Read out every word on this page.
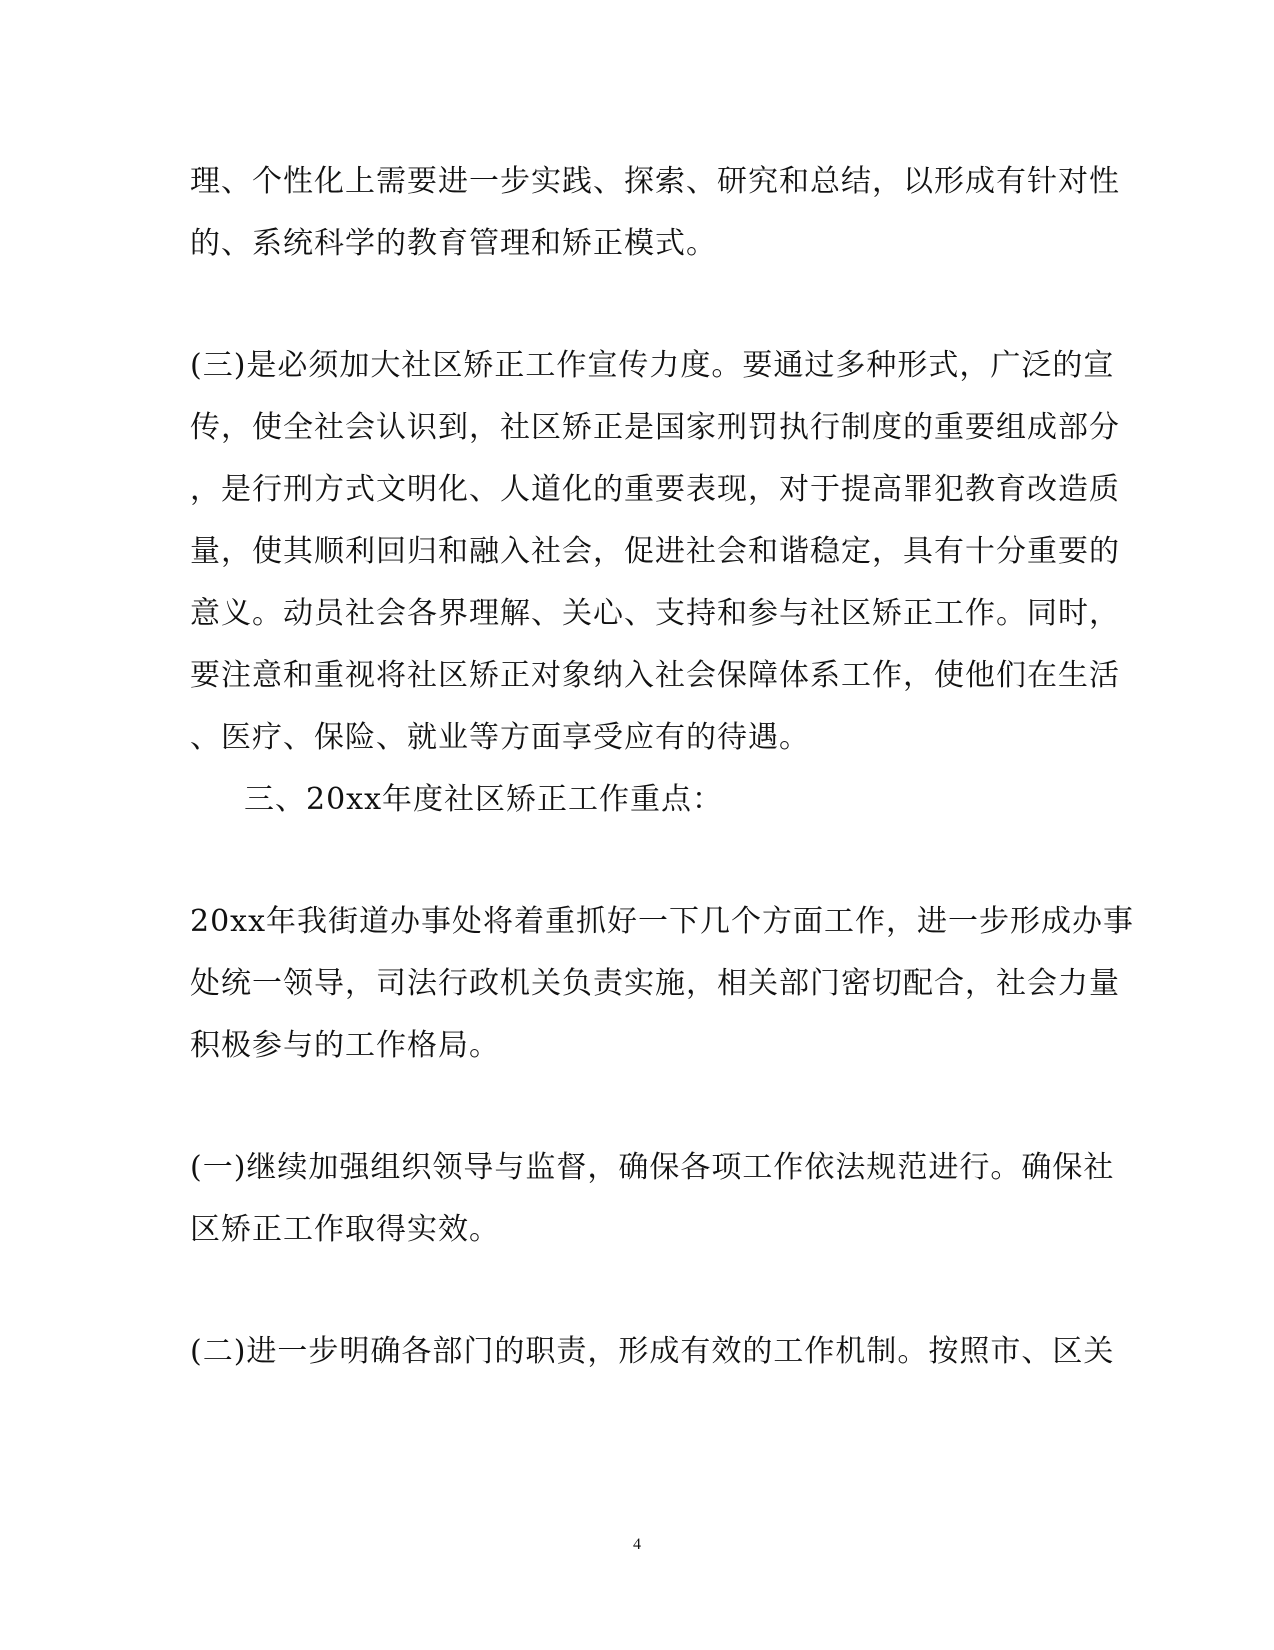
理、个性化上需要进一步实践、探索、研究和总结，以形成有针对性
的、系统科学的教育管理和矫正模式。
(三)是必须加大社区矫正工作宣传力度。要通过多种形式，广泛的宣
传，使全社会认识到，社区矫正是国家刑罚执行制度的重要组成部分
，是行刑方式文明化、人道化的重要表现，对于提高罪犯教育改造质
量，使其顺利回归和融入社会，促进社会和谐稳定，具有十分重要的
意义。动员社会各界理解、关心、支持和参与社区矫正工作。同时，
要注意和重视将社区矫正对象纳入社会保障体系工作，使他们在生活
、医疗、保险、就业等方面享受应有的待遇。
三、20xx年度社区矫正工作重点：
20xx年我街道办事处将着重抓好一下几个方面工作，进一步形成办事
处统一领导，司法行政机关负责实施，相关部门密切配合，社会力量
积极参与的工作格局。
(一)继续加强组织领导与监督，确保各项工作依法规范进行。确保社
区矫正工作取得实效。
(二)进一步明确各部门的职责，形成有效的工作机制。按照市、区关
4
